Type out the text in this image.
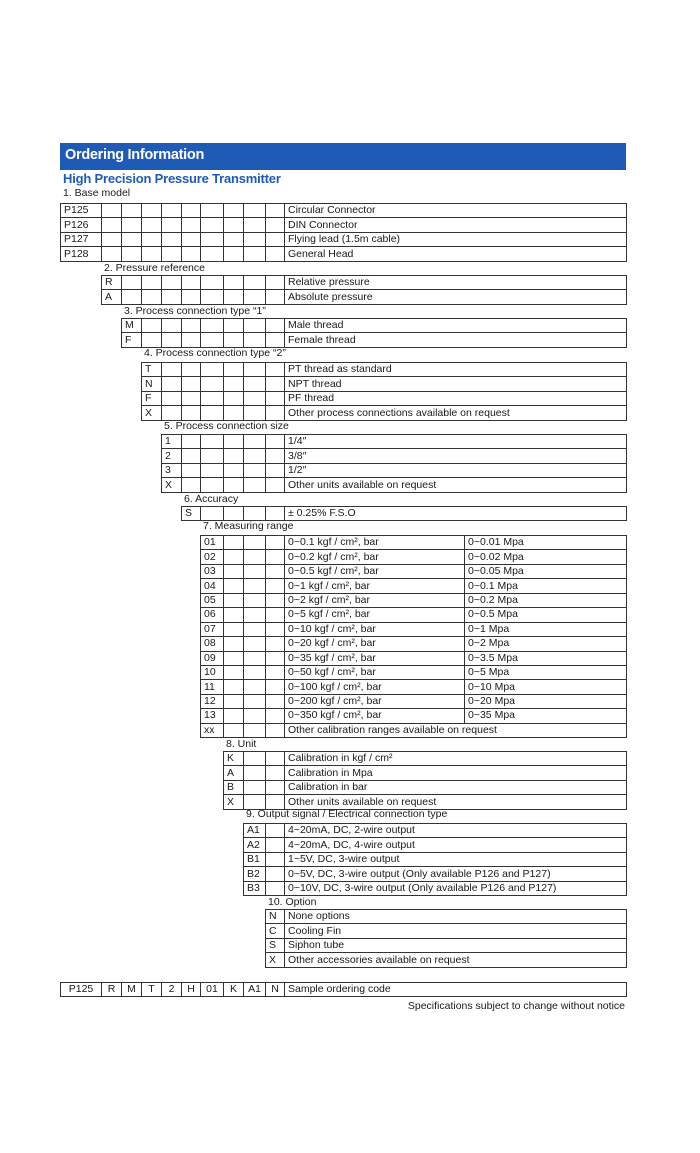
Ordering Information
High Precision Pressure Transmitter
1. Base model
P125										Circular Connector
P126										DIN Connector
P127										Flying lead (1.5m cable)
P128										General Head
2. Pressure reference
R									Relative pressure
A									Absolute pressure
3. Process connection type “1”
M								Male thread
F								Female thread
4. Process connection type “2”
T							PT thread as standard
N							NPT thread
F							PF thread
X							Other process connections available on request
5. Process connection size
1						1/4″
2						3/8″
3						1/2″
X						Other units available on request
6. Accuracy
S					± 0.25% F.S.O
7. Measuring range
01				0~0.1 kgf / cm², bar	0~0.01 Mpa
02				0~0.2 kgf / cm², bar	0~0.02 Mpa
03				0~0.5 kgf / cm², bar	0~0.05 Mpa
04				0~1 kgf / cm², bar	0~0.1 Mpa
05				0~2 kgf / cm², bar	0~0.2 Mpa
06				0~5 kgf / cm², bar	0~0.5 Mpa
07				0~10 kgf / cm², bar	0~1 Mpa
08				0~20 kgf / cm², bar	0~2 Mpa
09				0~35 kgf / cm², bar	0~3.5 Mpa
10				0~50 kgf / cm², bar	0~5 Mpa
11				0~100 kgf / cm², bar	0~10 Mpa
12				0~200 kgf / cm², bar	0~20 Mpa
13				0~350 kgf / cm², bar	0~35 Mpa
xx				Other calibration ranges available on request	
8. Unit
K			Calibration in kgf / cm²
A			Calibration in Mpa
B			Calibration in bar
X			Other units available on request
9. Output signal / Electrical connection type
A1		4~20mA, DC, 2-wire output
A2		4~20mA, DC, 4-wire output
B1		1~5V, DC, 3-wire output
B2		0~5V, DC, 3-wire output (Only available P126 and P127)
B3		0~10V, DC, 3-wire output (Only available P126 and P127)
10. Option
N	None options
C	Cooling Fin
S	Siphon tube
X	Other accessories available on request
P125	R	M	T	2	H	01	K	A1	N	Sample ordering code
Specifications subject to change without notice
